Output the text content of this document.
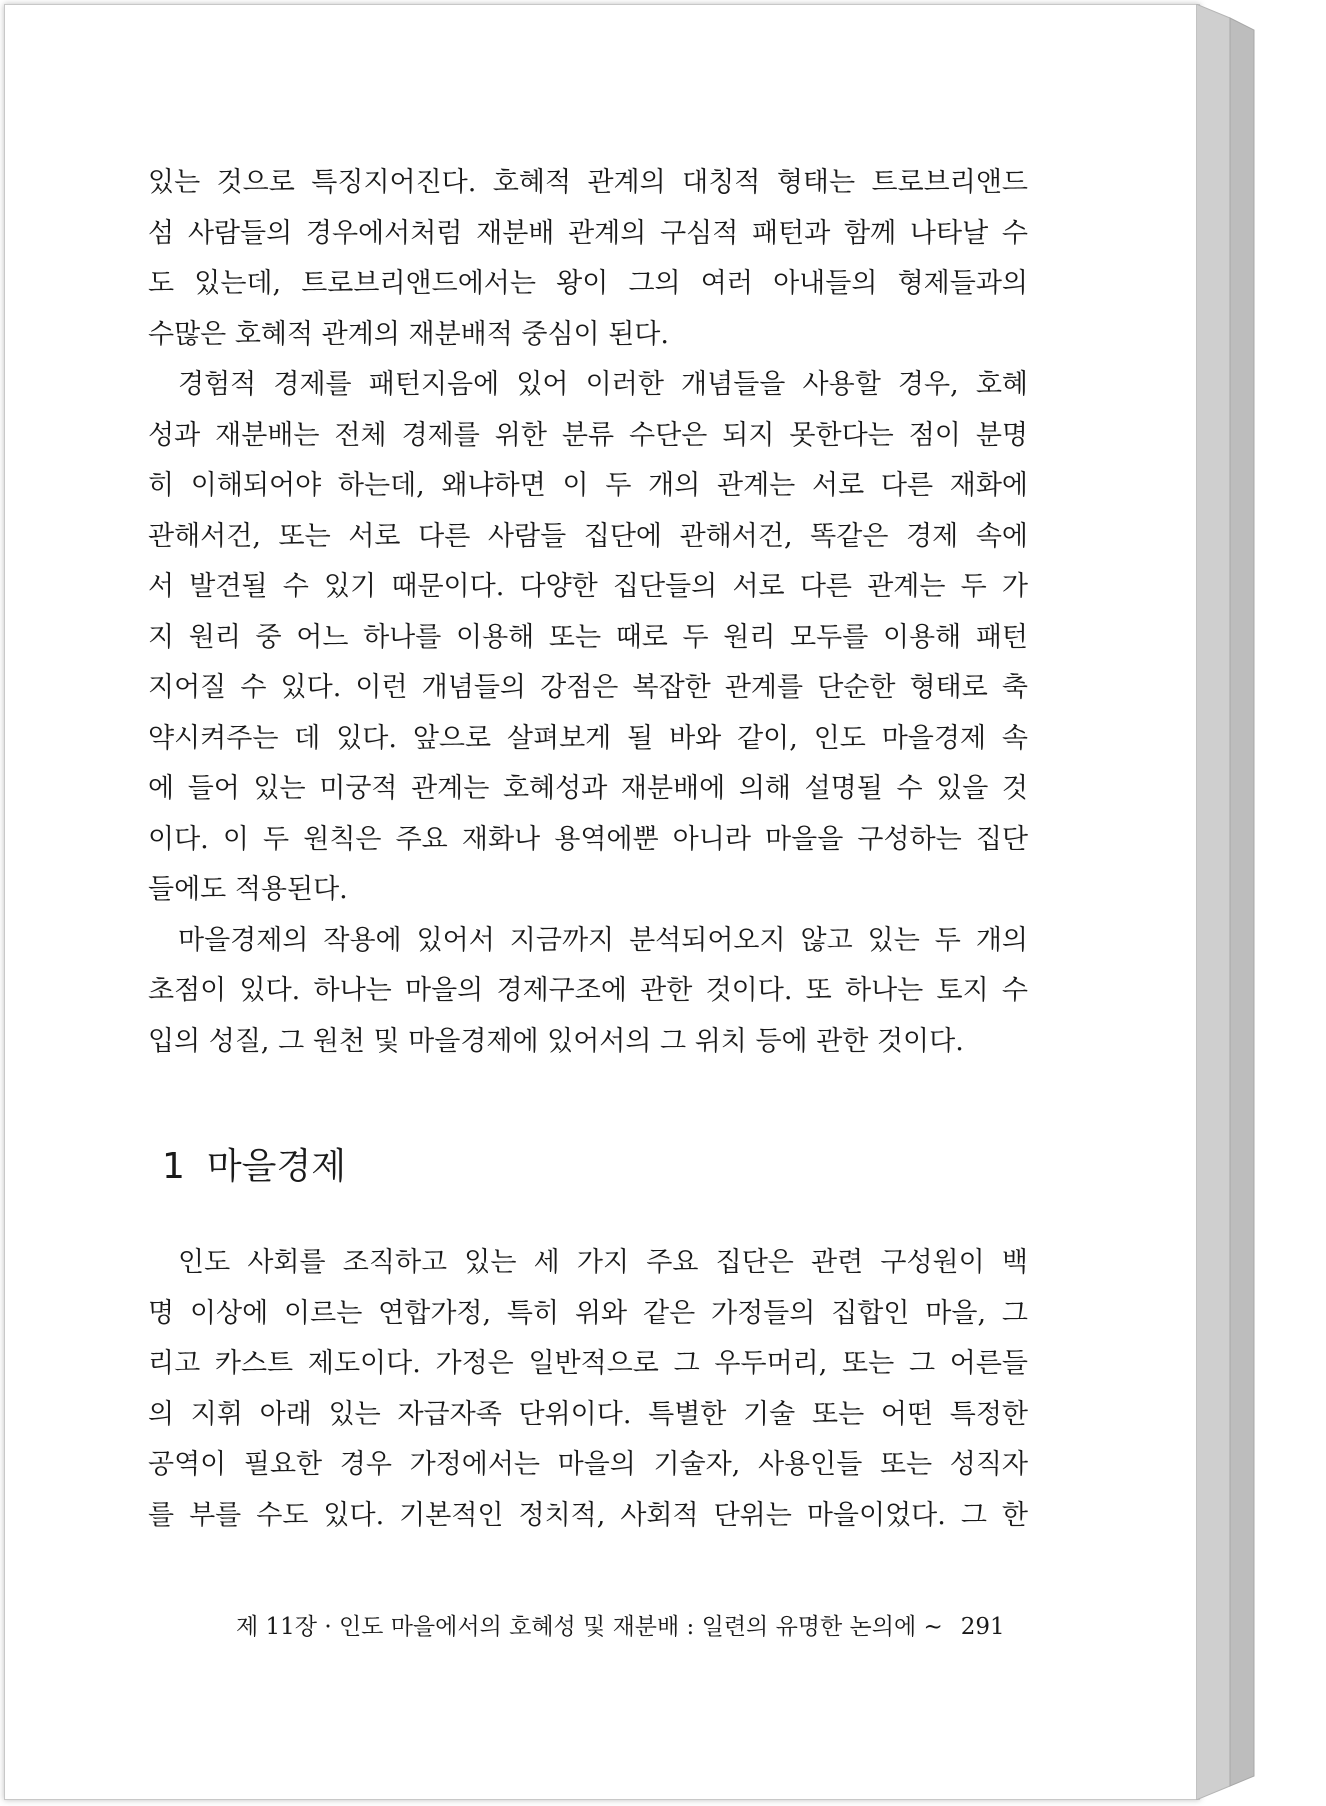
있는 것으로 특징지어진다. 호혜적 관계의 대칭적 형태는 트로브리앤드

섬 사람들의 경우에서처럼 재분배 관계의 구심적 패턴과 함께 나타날 수

도 있는데, 트로브리앤드에서는 왕이 그의 여러 아내들의 형제들과의

수많은 호혜적 관계의 재분배적 중심이 된다.

경험적 경제를 패턴지음에 있어 이러한 개념들을 사용할 경우, 호혜

성과 재분배는 전체 경제를 위한 분류 수단은 되지 못한다는 점이 분명

히 이해되어야 하는데, 왜냐하면 이 두 개의 관계는 서로 다른 재화에

관해서건, 또는 서로 다른 사람들 집단에 관해서건, 똑같은 경제 속에

서 발견될 수 있기 때문이다. 다양한 집단들의 서로 다른 관계는 두 가

지 원리 중 어느 하나를 이용해 또는 때로 두 원리 모두를 이용해 패턴

지어질 수 있다. 이런 개념들의 강점은 복잡한 관계를 단순한 형태로 축

약시켜주는 데 있다. 앞으로 살펴보게 될 바와 같이, 인도 마을경제 속

에 들어 있는 미궁적 관계는 호혜성과 재분배에 의해 설명될 수 있을 것

이다. 이 두 원칙은 주요 재화나 용역에뿐 아니라 마을을 구성하는 집단

들에도 적용된다.

마을경제의 작용에 있어서 지금까지 분석되어오지 않고 있는 두 개의

초점이 있다. 하나는 마을의 경제구조에 관한 것이다. 또 하나는 토지 수

입의 성질, 그 원천 및 마을경제에 있어서의 그 위치 등에 관한 것이다.

1 마을경제

인도 사회를 조직하고 있는 세 가지 주요 집단은 관련 구성원이 백

명 이상에 이르는 연합가정, 특히 위와 같은 가정들의 집합인 마을, 그

리고 카스트 제도이다. 가정은 일반적으로 그 우두머리, 또는 그 어른들

의 지휘 아래 있는 자급자족 단위이다. 특별한 기술 또는 어떤 특정한

공역이 필요한 경우 가정에서는 마을의 기술자, 사용인들 또는 성직자

를 부를 수도 있다. 기본적인 정치적, 사회적 단위는 마을이었다. 그 한

제 11장 · 인도 마을에서의 호혜성 및 재분배 : 일련의 유명한 논의에 ∼ 291
